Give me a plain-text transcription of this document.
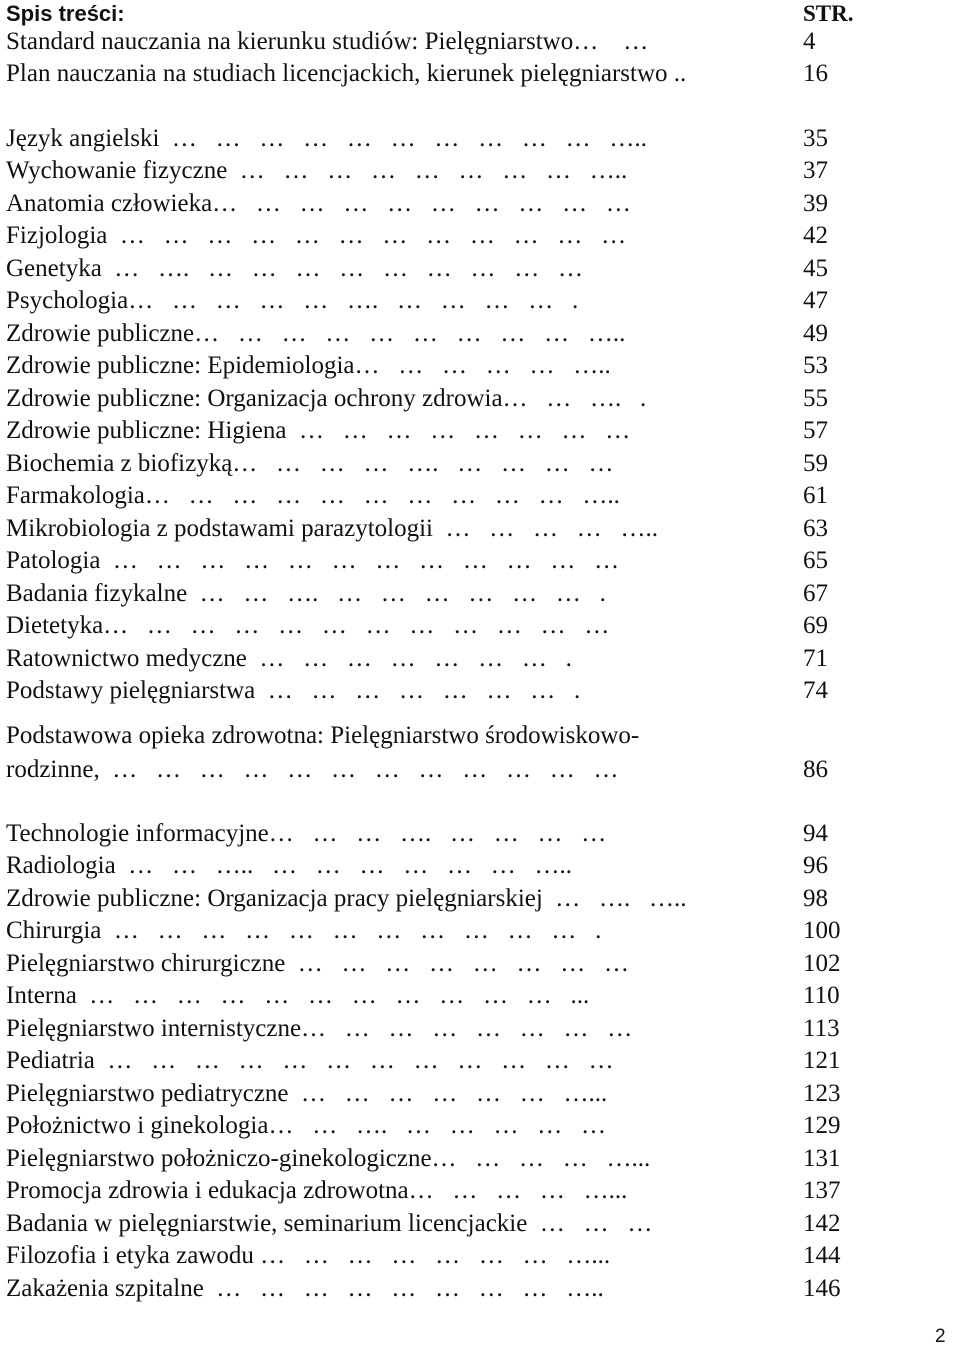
Spis treści:	STR.
Standard nauczania na kierunku studiów: Pielęgniarstwo…    …	4
Plan nauczania na studiach licencjackich, kierunek pielęgniarstwo ..	16
Język angielski  …   …   …   …   …   …   …   …   …   …   …..	35
Wychowanie fizyczne  …   …   …   …   …   …   …   …   …..	37
Anatomia człowieka…   …   …   …   …   …   …   …   …   …	39
Fizjologia  …   …   …   …   …   …   …   …   …   …   …   …	42
Genetyka  …   ….   …   …   …   …   …   …   …   …   …	45
Psychologia…   …   …   …   …   ….   …   …   …   …   .	47
Zdrowie publiczne…   …   …   …   …   …   …   …   …   …..	49
Zdrowie publiczne: Epidemiologia…   …   …   …   …   …..	53
Zdrowie publiczne: Organizacja ochrony zdrowia…   …   ….   .	55
Zdrowie publiczne: Higiena  …   …   …   …   …   …   …   …	57
Biochemia z biofizyką…   …   …   …   ….   …   …   …   …	59
Farmakologia…   …   …   …   …   …   …   …   …   …   …..	61
Mikrobiologia z podstawami parazytologii  …   …   …   …   …..	63
Patologia  …   …   …   …   …   …   …   …   …   …   …   …	65
Badania fizykalne  …   …   ….   …   …   …   …   …   …   .	67
Dietetyka…   …   …   …   …   …   …   …   …   …   …   …	69
Ratownictwo medyczne  …   …   …   …   …   …   …   .	71
Podstawy pielęgniarstwa  …   …   …   …   …   …   …   .	74
Podstawowa opieka zdrowotna: Pielęgniarstwo środowiskowo-
rodzinne,  …   …   …   …   …   …   …   …   …   …   …   …	86
Technologie informacyjne…   …   …   ….   …   …   …   …	94
Radiologia  …   …   …..   …   …   …   …   …   …   …..	96
Zdrowie publiczne: Organizacja pracy pielęgniarskiej  …   ….   …..	98
Chirurgia  …   …   …   …   …   …   …   …   …   …   …   .	100
Pielęgniarstwo chirurgiczne  …   …   …   …   …   …   …   …	102
Interna  …   …   …   …   …   …   …   …   …   …   …   ...	110
Pielęgniarstwo internistyczne…   …   …   …   …   …   …   …	113
Pediatria  …   …   …   …   …   …   …   …   …   …   …   …	121
Pielęgniarstwo pediatryczne  …   …   …   …   …   …   …...	123
Położnictwo i ginekologia…   …   ….   …   …   …   …   …	129
Pielęgniarstwo położniczo-ginekologiczne…   …   …   …   …...	131
Promocja zdrowia i edukacja zdrowotna…   …   …   …   …...	137
Badania w pielęgniarstwie, seminarium licencjackie  …   …   …	142
Filozofia i etyka zawodu …   …   …   …   …   …   …   …...	144
Zakażenia szpitalne  …   …   …   …   …   …   …   …   …..	146
2
